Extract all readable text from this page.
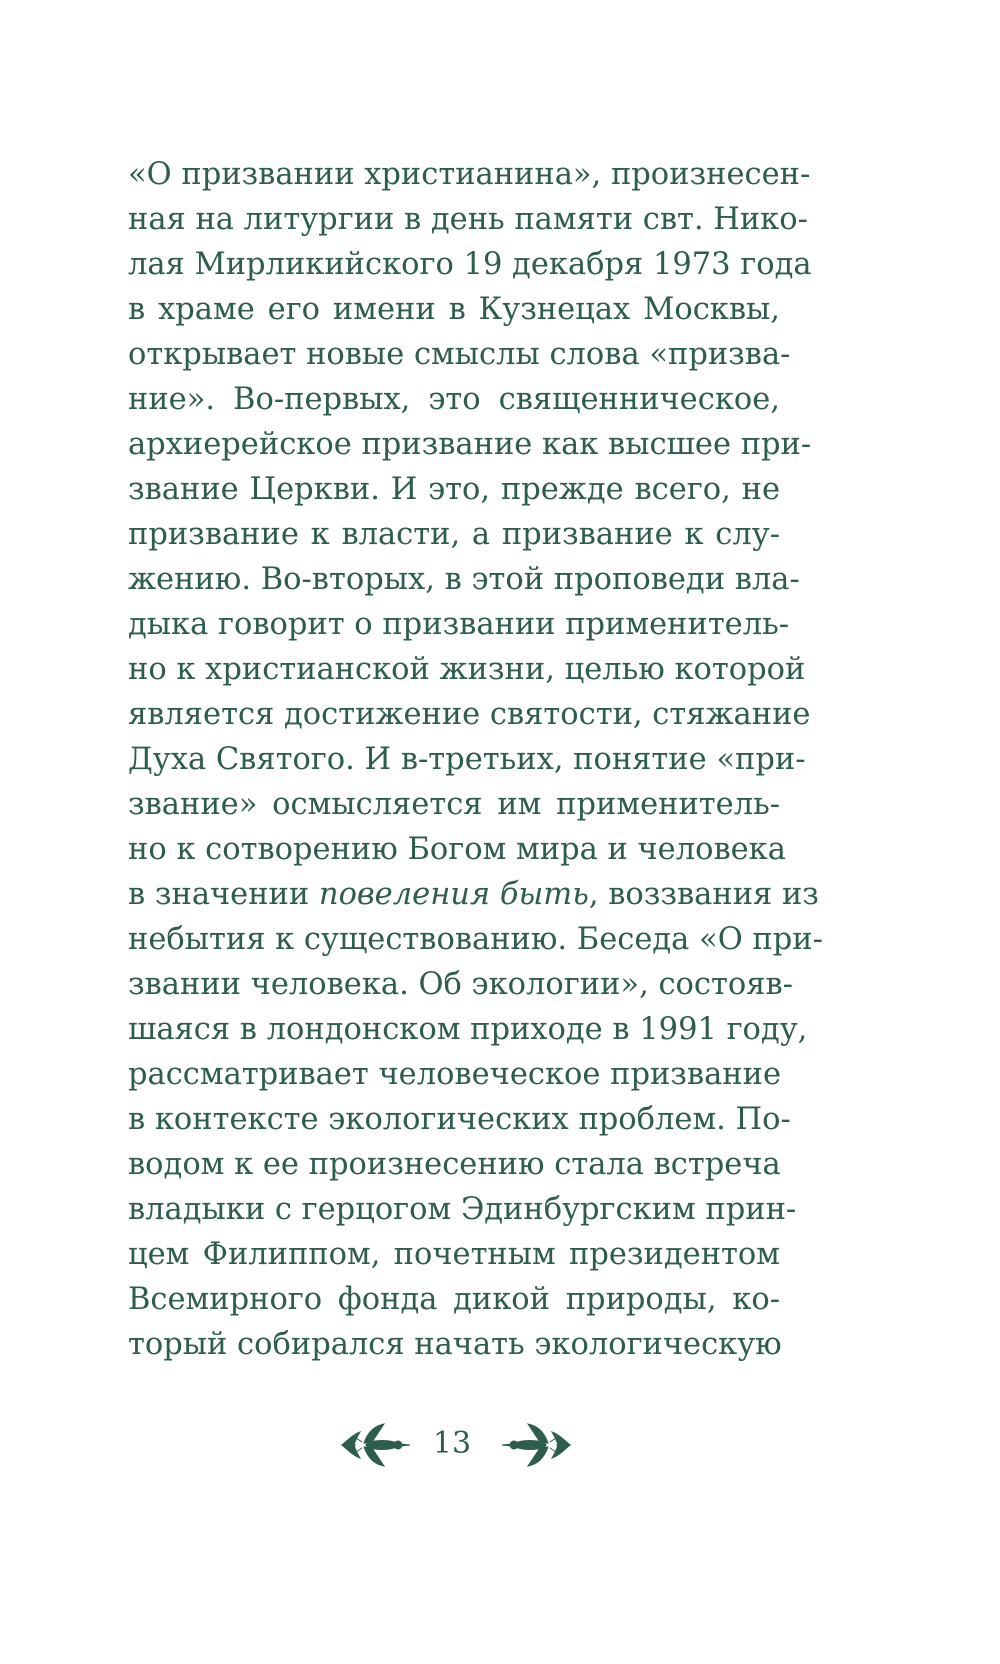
«О призвании христианина», произнесен-
ная на литургии в день памяти свт. Нико-
лая Мирликийского 19 декабря 1973 года
в храме его имени в Кузнецах Москвы,
открывает новые смыслы слова «призва-
ние». Во-первых, это священническое,
архиерейское призвание как высшее при-
звание Церкви. И это, прежде всего, не
призвание к власти, а призвание к слу-
жению. Во-вторых, в этой проповеди вла-
дыка говорит о призвании применитель-
но к христианской жизни, целью которой
является достижение святости, стяжание
Духа Святого. И в-третьих, понятие «при-
звание» осмысляется им применитель-
но к сотворению Богом мира и человека
в значении повеления быть, воззвания из
небытия к существованию. Беседа «О при-
звании человека. Об экологии», состояв-
шаяся в лондонском приходе в 1991 году,
рассматривает человеческое призвание
в контексте экологических проблем. По-
водом к ее произнесению стала встреча
владыки с герцогом Эдинбургским прин-
цем Филиппом, почетным президентом
Всемирного фонда дикой природы, ко-
торый собирался начать экологическую
13
